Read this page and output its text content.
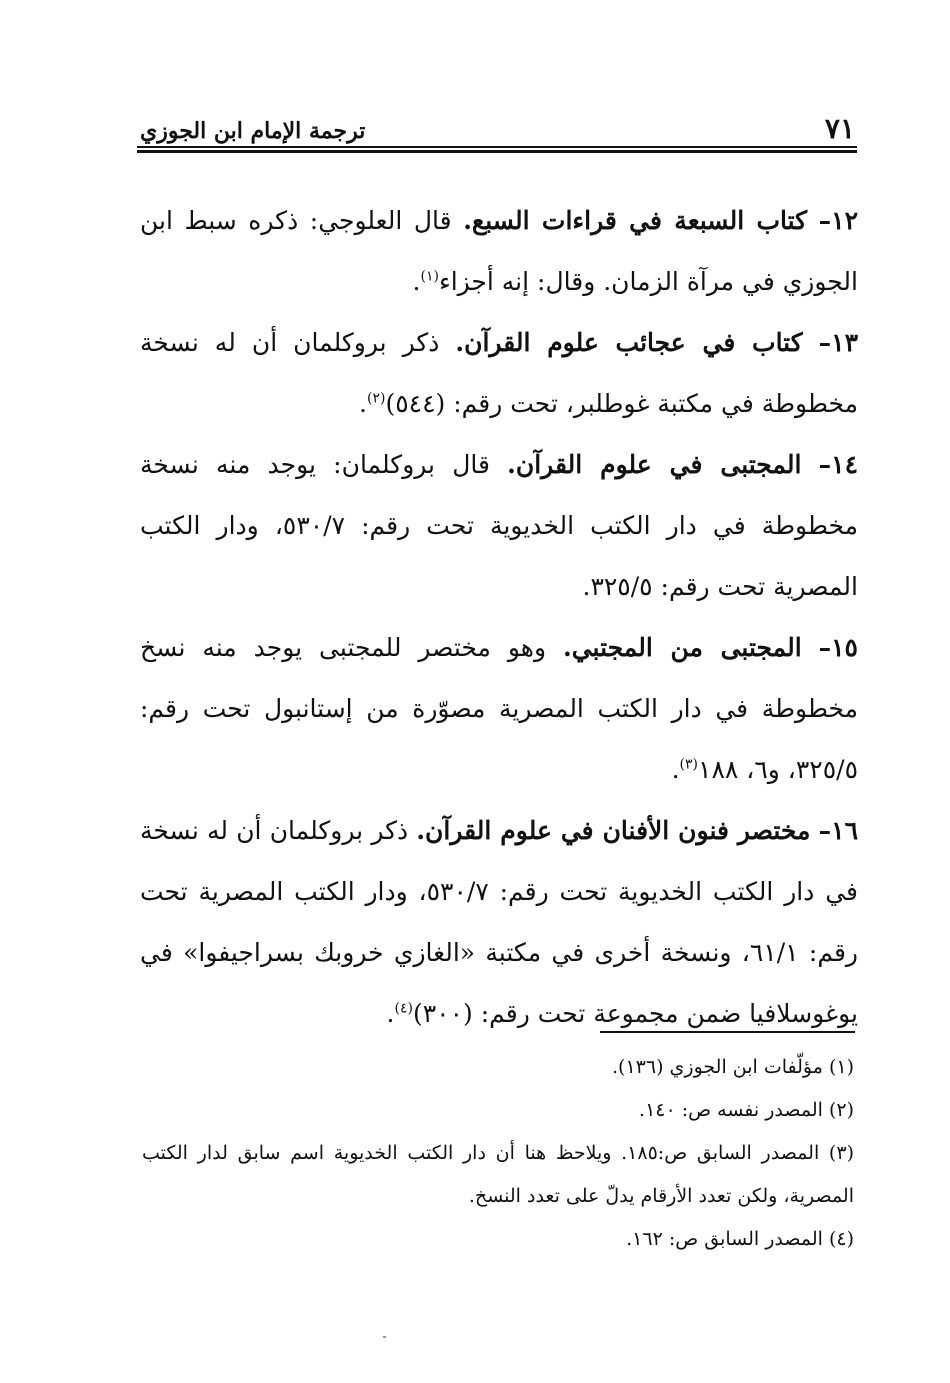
٧١
ترجمة الإمام ابن الجوزي

١٢– كتاب السبعة في قراءات السبع. قال العلوجي: ذكره سبط ابن الجوزي في مرآة الزمان. وقال: إنه أجزاء$^{(١)}$.

١٣– كتاب في عجائب علوم القرآن. ذكر بروكلمان أن له نسخة مخطوطة في مكتبة غوطلبر، تحت رقم: (٥٤٤)$^{(٢)}$.

١٤– المجتبى في علوم القرآن. قال بروكلمان: يوجد منه نسخة مخطوطة في دار الكتب الخديوية تحت رقم: ٥٣٠/٧، ودار الكتب المصرية تحت رقم: ٣٢٥/٥.

١٥– المجتبى من المجتبي. وهو مختصر للمجتبى يوجد منه نسخ مخطوطة في دار الكتب المصرية مصوّرة من إستانبول تحت رقم: ٣٢٥/٥، و٦، ١٨٨$^{(٣)}$.

١٦– مختصر فنون الأفنان في علوم القرآن. ذكر بروكلمان أن له نسخة في دار الكتب الخديوية تحت رقم: ٥٣٠/٧، ودار الكتب المصرية تحت رقم: ٦١/١، ونسخة أخرى في مكتبة «الغازي خروبك بسراجيفوا» في يوغوسلافيا ضمن مجموعة تحت رقم: (٣٠٠)$^{(٤)}$.

(١) مؤلّفات ابن الجوزي (١٣٦).

(٢) المصدر نفسه ص: ١٤٠.

(٣) المصدر السابق ص:١٨٥. ويلاحظ هنا أن دار الكتب الخديوية اسم سابق لدار الكتب المصرية، ولكن تعدد الأرقام يدلّ على تعدد النسخ.

(٤) المصدر السابق ص: ١٦٢.
